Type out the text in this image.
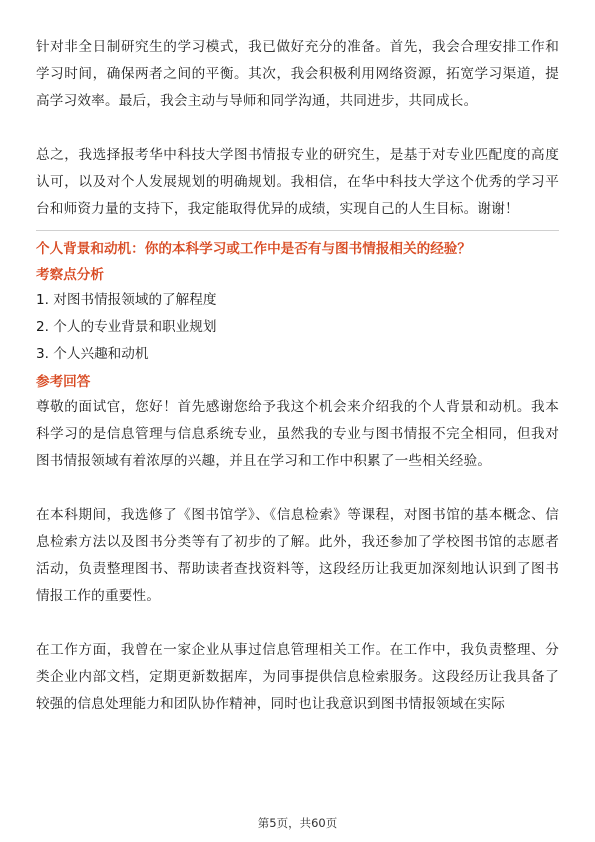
针对非全日制研究生的学习模式，我已做好充分的准备。首先，我会合理安排工作和学习时间，确保两者之间的平衡。其次，我会积极利用网络资源，拓宽学习渠道，提高学习效率。最后，我会主动与导师和同学沟通，共同进步，共同成长。

总之，我选择报考华中科技大学图书情报专业的研究生，是基于对专业匹配度的高度认可，以及对个人发展规划的明确规划。我相信，在华中科技大学这个优秀的学习平台和师资力量的支持下，我定能取得优异的成绩，实现自己的人生目标。谢谢！

个人背景和动机：你的本科学习或工作中是否有与图书情报相关的经验？
考察点分析
1. 对图书情报领域的了解程度
2. 个人的专业背景和职业规划
3. 个人兴趣和动机
参考回答

尊敬的面试官，您好！首先感谢您给予我这个机会来介绍我的个人背景和动机。我本科学习的是信息管理与信息系统专业，虽然我的专业与图书情报不完全相同，但我对图书情报领域有着浓厚的兴趣，并且在学习和工作中积累了一些相关经验。

在本科期间，我选修了《图书馆学》、《信息检索》等课程，对图书馆的基本概念、信息检索方法以及图书分类等有了初步的了解。此外，我还参加了学校图书馆的志愿者活动，负责整理图书、帮助读者查找资料等，这段经历让我更加深刻地认识到了图书情报工作的重要性。

在工作方面，我曾在一家企业从事过信息管理相关工作。在工作中，我负责整理、分类企业内部文档，定期更新数据库，为同事提供信息检索服务。这段经历让我具备了较强的信息处理能力和团队协作精神，同时也让我意识到图书情报领域在实际

第5页，共60页
